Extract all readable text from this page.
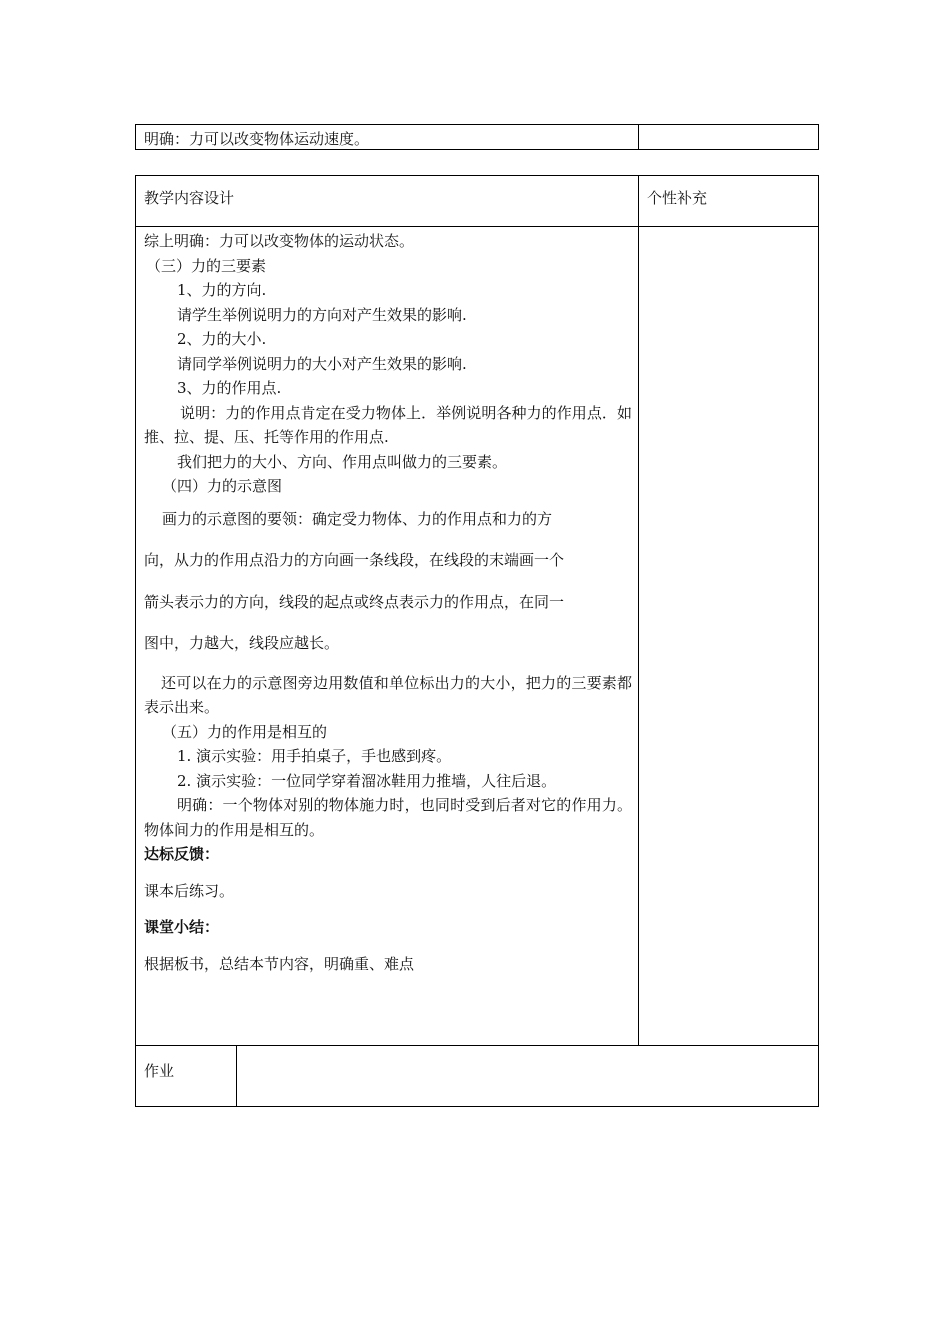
明确：力可以改变物体运动速度。
教学内容设计	个性补充

综上明确：力可以改变物体的运动状态。

（三）力的三要素

1、力的方向.

请学生举例说明力的方向对产生效果的影响.

2、力的大小.

请同学举例说明力的大小对产生效果的影响.

3、力的作用点.

说明：力的作用点肯定在受力物体上．举例说明各种力的作用点．如推、拉、提、压、托等作用的作用点.

我们把力的大小、方向、作用点叫做力的三要素。

（四）力的示意图

画力的示意图的要领：确定受力物体、力的作用点和力的方

向，从力的作用点沿力的方向画一条线段，在线段的末端画一个

箭头表示力的方向，线段的起点或终点表示力的作用点，在同一

图中，力越大，线段应越长。

还可以在力的示意图旁边用数值和单位标出力的大小，把力的三要素都表示出来。

（五）力的作用是相互的

1. 演示实验：用手拍桌子，手也感到疼。

2. 演示实验：一位同学穿着溜冰鞋用力推墙，人往后退。

明确：一个物体对别的物体施力时，也同时受到后者对它的作用力。物体间力的作用是相互的。

达标反馈：

课本后练习。

课堂小结：

根据板书，总结本节内容，明确重、难点

作业
